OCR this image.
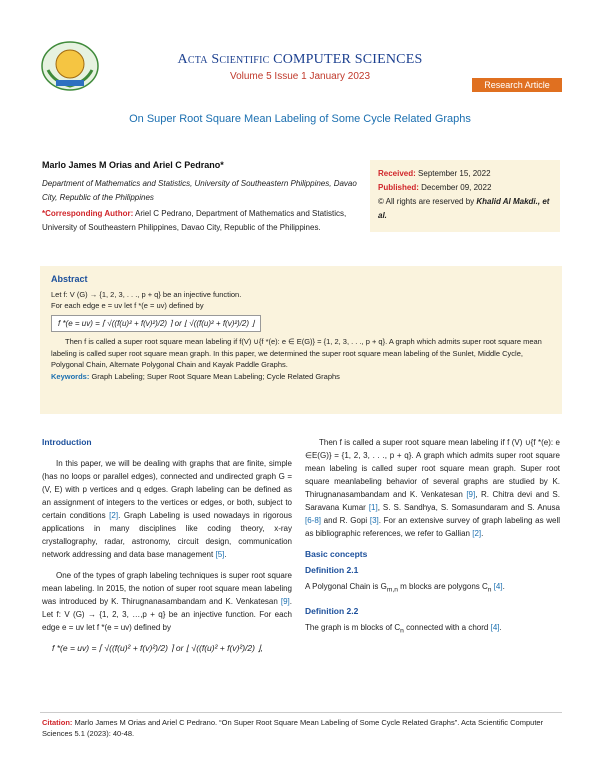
Acta Scientific COMPUTER SCIENCES
Volume 5 Issue 1 January 2023
Research Article
On Super Root Square Mean Labeling of Some Cycle Related Graphs
Marlo James M Orias and Ariel C Pedrano*
Department of Mathematics and Statistics, University of Southeastern Philippines, Davao City, Republic of the Philippines
*Corresponding Author: Ariel C Pedrano, Department of Mathematics and Statistics, University of Southeastern Philippines, Davao City, Republic of the Philippines.
Received: September 15, 2022
Published: December 09, 2022
© All rights are reserved by Khalid Al Makdi., et al.
Abstract

Let f: V (G) → {1, 2, 3, . . ., p + q} be an injective function.

For each edge e = uv let f *(e = uv) defined by

f *(e = uv) = ⌈ √((f(u)² + f(v)²)/2) ⌉ or ⌊ √((f(u)² + f(v)²)/2) ⌋

Then f is called a super root square mean labeling if f(V) ∪{f *(e): e ∈ E(G)} = {1, 2, 3, . . ., p + q}. A graph which admits super root square mean labeling is called super root square mean graph. In this paper, we determined the super root square mean labeling of the Sunlet, Middle Cycle, Polygonal Chain, Alternate Polygonal Chain and Kayak Paddle Graphs.

Keywords: Graph Labeling; Super Root Square Mean Labeling; Cycle Related Graphs

Introduction

In this paper, we will be dealing with graphs that are finite, simple (has no loops or parallel edges), connected and undirected graph G = (V, E) with p vertices and q edges. Graph labeling can be defined as an assignment of integers to the vertices or edges, or both, subject to certain conditions [2]. Graph Labeling is used nowadays in rigorous applications in many disciplines like coding theory, x-ray crystallography, radar, astronomy, circuit design, communication network addressing and data base management [5].

One of the types of graph labeling techniques is super root square mean labeling. In 2015, the notion of super root square mean labeling was introduced by K. Thirugnanasambandam and K. Venkatesan [9]. Let f: V (G) → {1, 2, 3, …,p + q} be an injective function. For each edge e = uv let f *(e = uv) defined by

f *(e = uv) = ⌈ √((f(u)² + f(v)²)/2) ⌉ or ⌊ √((f(u)² + f(v)²)/2) ⌋,

Then f is called a super root square mean labeling if f (V) ∪{f *(e): e ∈E(G)} = {1, 2, 3, . . ., p + q}. A graph which admits super root square mean labeling is called super root square mean graph. Super root square meanlabeling behavior of several graphs are studied by K. Thirugnanasambandam and K. Venkatesan [9], R. Chitra devi and S. Saravana Kumar [1], S. S. Sandhya, S. Somasundaram and S. Anusa [6-8] and R. Gopi [3]. For an extensive survey of graph labeling as well as bibliographic references, we refer to Gallian [2].

Basic concepts
Definition 2.1

A Polygonal Chain is $G_{m,n}$ m blocks are polygons $C_n$ [4].

Definition 2.2

The graph is m blocks of $C_n$ connected with a chord [4].

Citation: Marlo James M Orias and Ariel C Pedrano. “On Super Root Square Mean Labeling of Some Cycle Related Graphs”. Acta Scientific Computer Sciences 5.1 (2023): 40-48.
